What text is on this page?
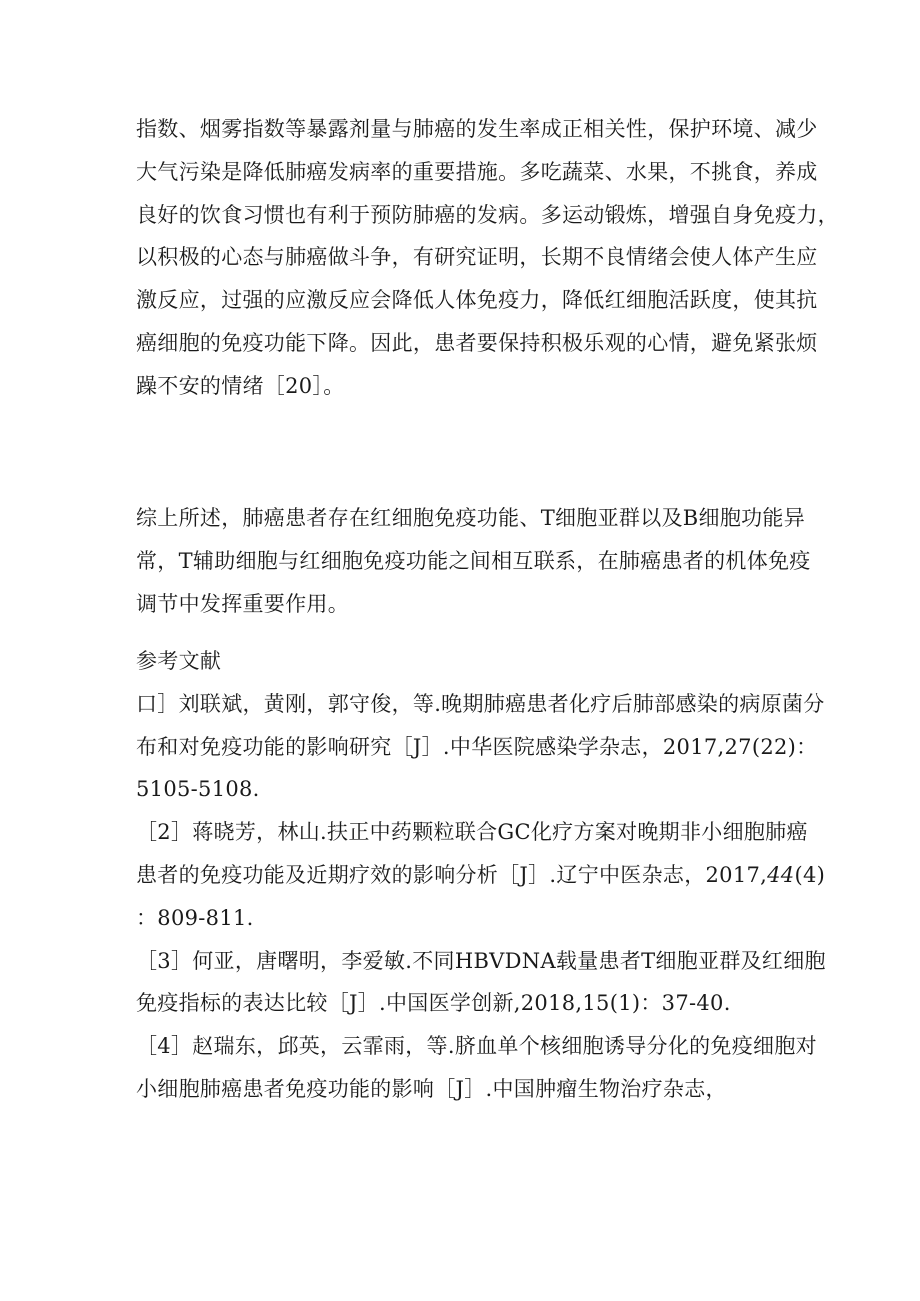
指数、烟雾指数等暴露剂量与肺癌的发生率成正相关性，保护环境、减少
大气污染是降低肺癌发病率的重要措施。多吃蔬菜、水果，不挑食，养成
良好的饮食习惯也有利于预防肺癌的发病。多运动锻炼，增强自身免疫力，
以积极的心态与肺癌做斗争，有研究证明，长期不良情绪会使人体产生应
激反应，过强的应激反应会降低人体免疫力，降低红细胞活跃度，使其抗
癌细胞的免疫功能下降。因此，患者要保持积极乐观的心情，避免紧张烦
躁不安的情绪［20］。
综上所述，肺癌患者存在红细胞免疫功能、T细胞亚群以及B细胞功能异
常，T辅助细胞与红细胞免疫功能之间相互联系，在肺癌患者的机体免疫
调节中发挥重要作用。
参考文献
口］刘联斌，黄刚，郭守俊，等.晚期肺癌患者化疗后肺部感染的病原菌分
布和对免疫功能的影响研究［J］.中华医院感染学杂志，2017,27(22)：
5105-5108.
［2］蒋晓芳，林山.扶正中药颗粒联合GC化疗方案对晚期非小细胞肺癌
患者的免疫功能及近期疗效的影响分析［J］.辽宁中医杂志，2017,44(4)
：809-811.
［3］何亚，唐曙明，李爱敏.不同HBVDNA载量患者T细胞亚群及红细胞
免疫指标的表达比较［J］.中国医学创新,2018,15(1)：37-40.
［4］赵瑞东，邱英，云霏雨，等.脐血单个核细胞诱导分化的免疫细胞对
小细胞肺癌患者免疫功能的影响［J］.中国肿瘤生物治疗杂志，
